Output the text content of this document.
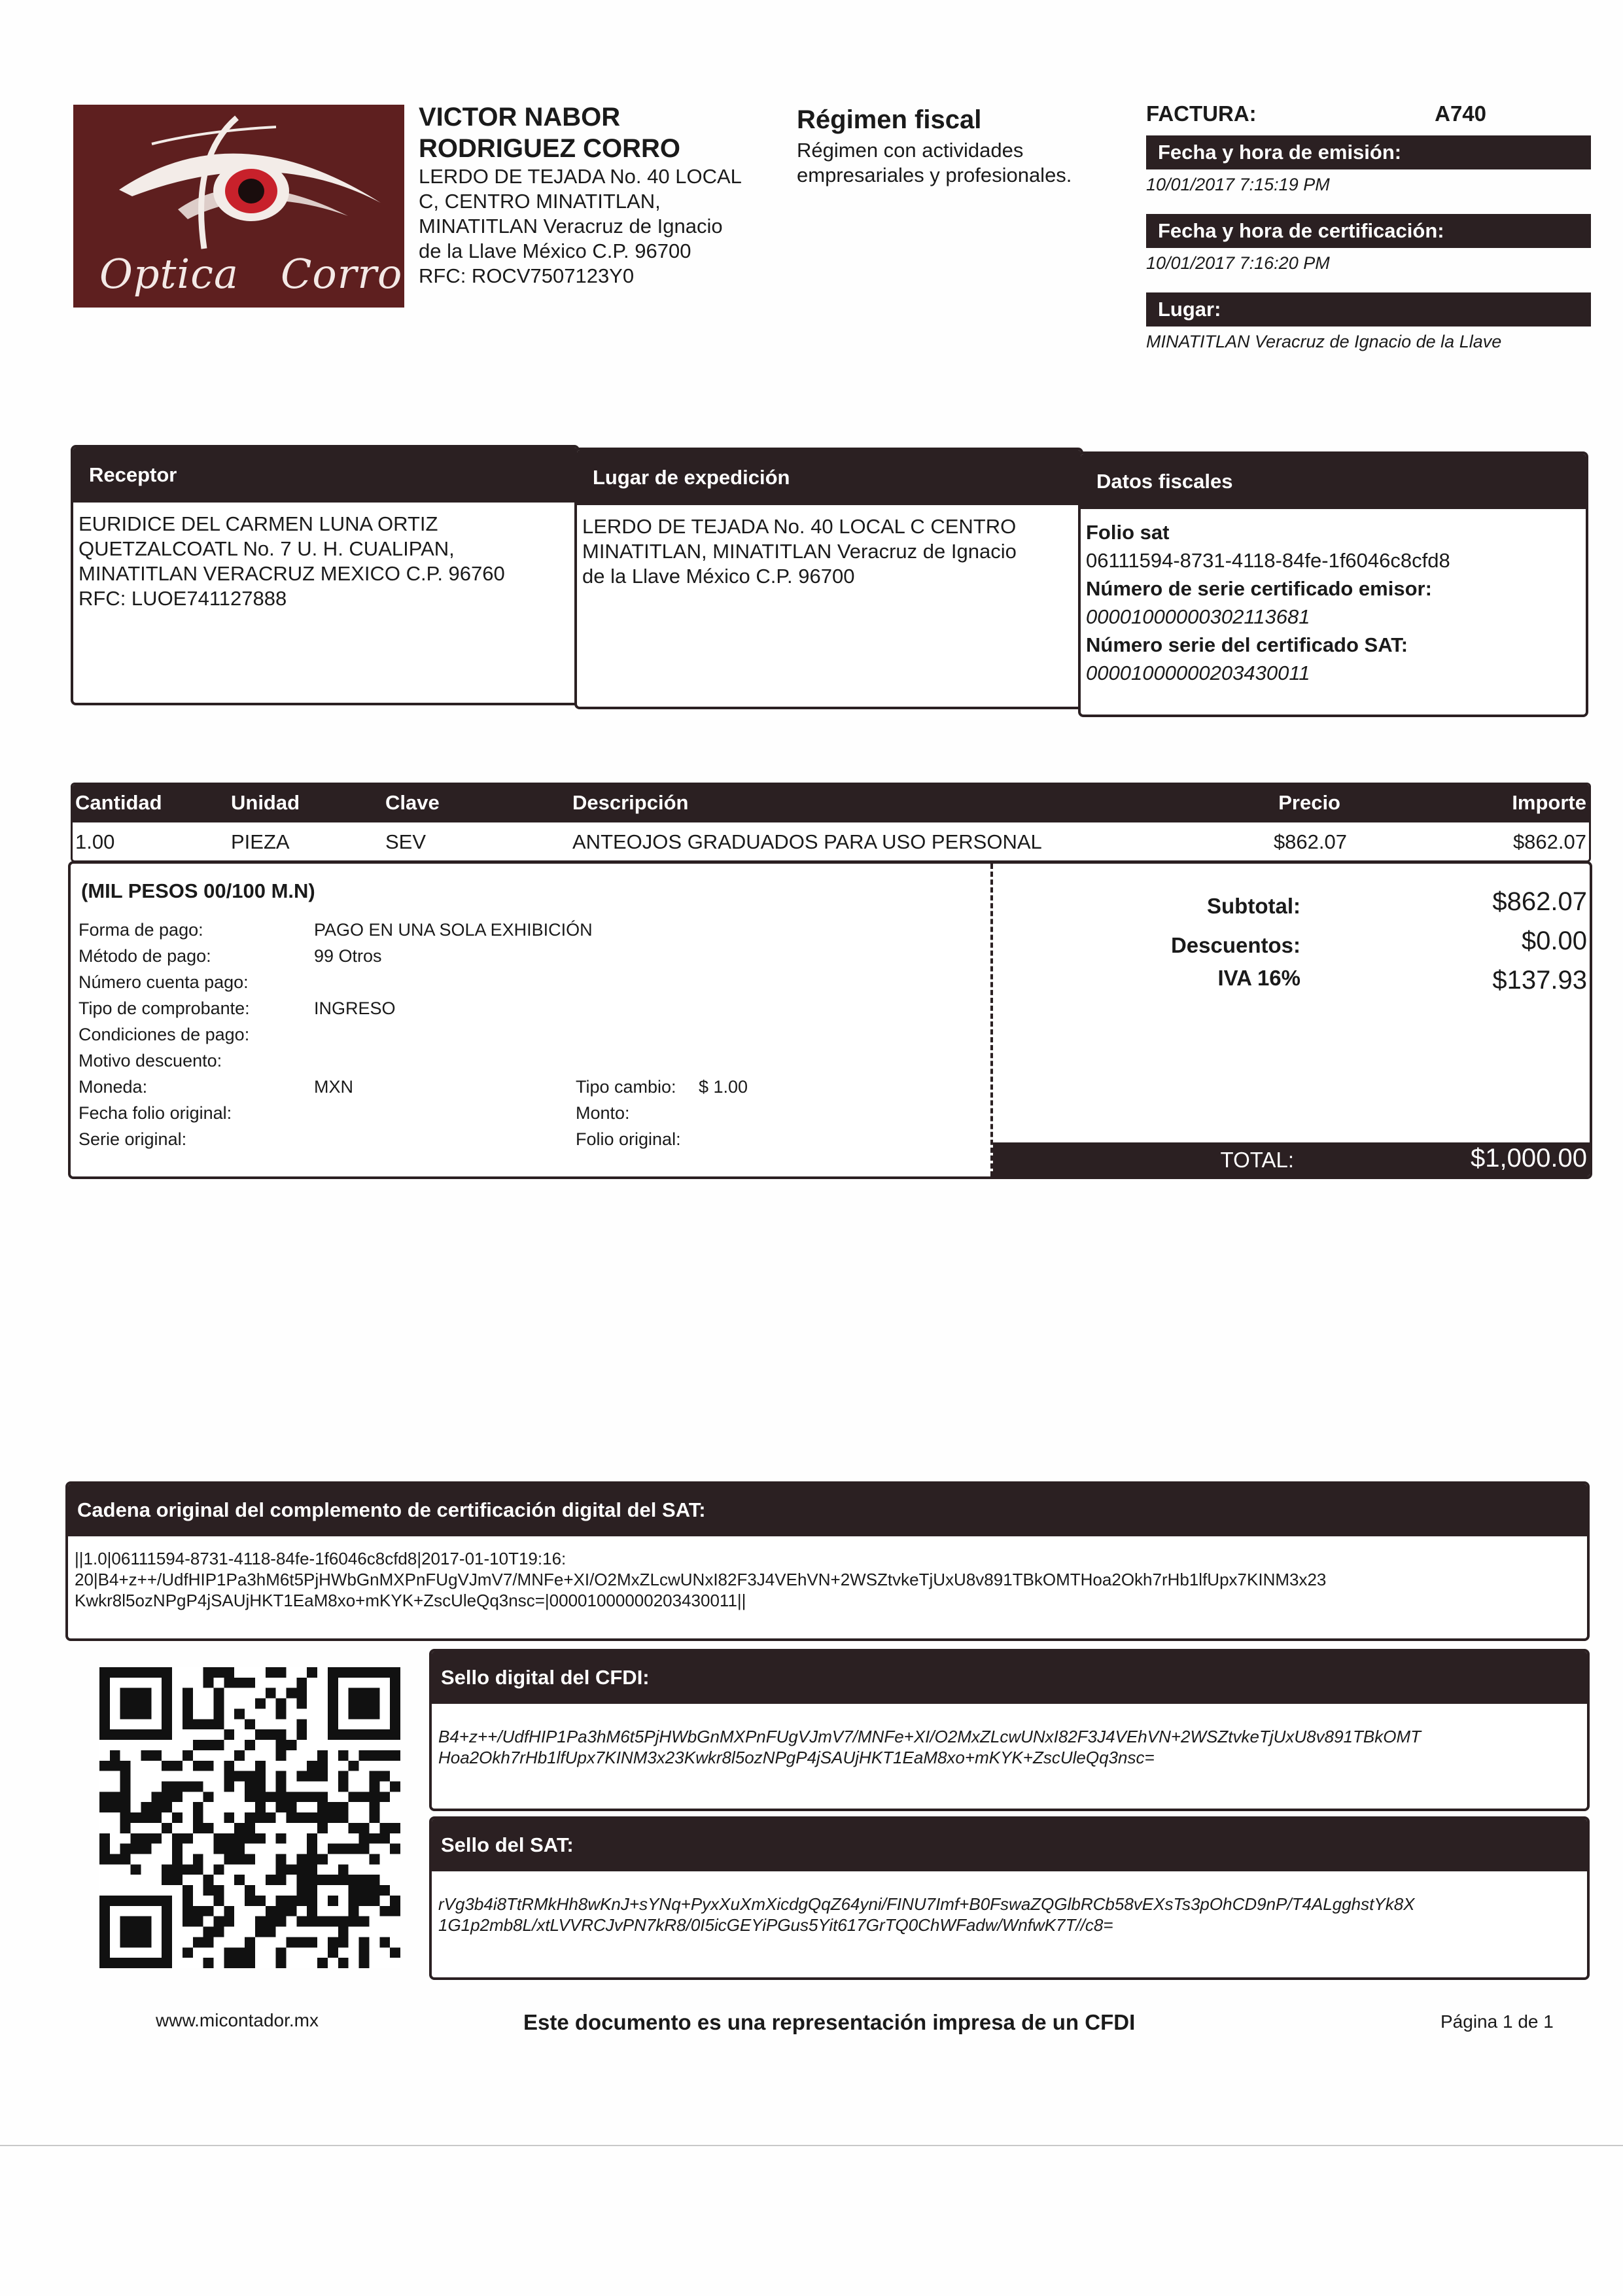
Optica Corro
VICTOR NABOR
RODRIGUEZ CORRO
LERDO DE TEJADA No. 40 LOCAL
C, CENTRO MINATITLAN,
MINATITLAN Veracruz de Ignacio
de la Llave México C.P. 96700
RFC: ROCV7507123Y0
Régimen fiscal
Régimen con actividades
empresariales y profesionales.
FACTURA:	A740
Fecha y hora de emisión:
10/01/2017 7:15:19 PM
Fecha y hora de certificación:
10/01/2017 7:16:20 PM
Lugar:
MINATITLAN Veracruz de Ignacio de la Llave
Receptor
EURIDICE DEL CARMEN LUNA ORTIZ
QUETZALCOATL No. 7 U. H. CUALIPAN,
MINATITLAN VERACRUZ MEXICO C.P. 96760
RFC: LUOE741127888
Lugar de expedición
LERDO DE TEJADA No. 40 LOCAL C CENTRO
MINATITLAN, MINATITLAN Veracruz de Ignacio
de la Llave México C.P. 96700
Datos fiscales
Folio sat
06111594-8731-4118-84fe-1f6046c8cfd8
Número de serie certificado emisor:
00001000000302113681
Número serie del certificado SAT:
00001000000203430011
Cantidad	Unidad	Clave	Descripción	Precio	Importe
1.00	PIEZA	SEV	ANTEOJOS GRADUADOS PARA USO PERSONAL	$862.07	$862.07
(MIL PESOS 00/100 M.N)
Forma de pago:	PAGO EN UNA SOLA EXHIBICIÓN
Método de pago:	99 Otros
Número cuenta pago:
Tipo de comprobante:	INGRESO
Condiciones de pago:
Motivo descuento:
Moneda:	MXN	Tipo cambio: $ 1.00
Fecha folio original:	Monto:
Serie original:	Folio original:
Subtotal:	$862.07
Descuentos:	$0.00
IVA 16%	$137.93
TOTAL:	$1,000.00
Cadena original del complemento de certificación digital del SAT:
||1.0|06111594-8731-4118-84fe-1f6046c8cfd8|2017-01-10T19:16:
20|B4+z++/UdfHIP1Pa3hM6t5PjHWbGnMXPnFUgVJmV7/MNFe+XI/O2MxZLcwUNxI82F3J4VEhVN+2WSZtvkeTjUxU8v891TBkOMTHoa2Okh7rHb1lfUpx7KINM3x23
Kwkr8l5ozNPgP4jSAUjHKT1EaM8xo+mKYK+ZscUleQq3nsc=|00001000000203430011||
Sello digital del CFDI:
B4+z++/UdfHIP1Pa3hM6t5PjHWbGnMXPnFUgVJmV7/MNFe+XI/O2MxZLcwUNxI82F3J4VEhVN+2WSZtvkeTjUxU8v891TBkOMT
Hoa2Okh7rHb1lfUpx7KINM3x23Kwkr8l5ozNPgP4jSAUjHKT1EaM8xo+mKYK+ZscUleQq3nsc=
Sello del SAT:
rVg3b4i8TtRMkHh8wKnJ+sYNq+PyxXuXmXicdgQqZ64yni/FINU7Imf+B0FswaZQGlbRCb58vEXsTs3pOhCD9nP/T4ALgghstYk8X
1G1p2mb8L/xtLVVRCJvPN7kR8/0I5icGEYiPGus5Yit617GrTQ0ChWFadw/WnfwK7T//c8=
www.micontador.mx	Este documento es una representación impresa de un CFDI	Página 1 de 1
